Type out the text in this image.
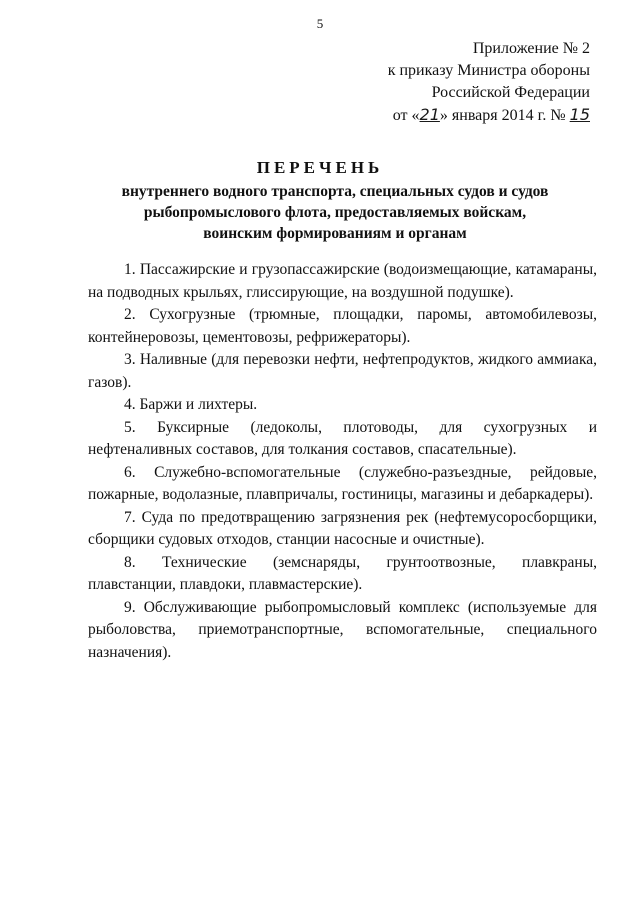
5
Приложение № 2
к приказу Министра обороны
Российской Федерации
от «21» января 2014 г. № 15
ПЕРЕЧЕНЬ
внутреннего водного транспорта, специальных судов и судов
рыбопромыслового флота, предоставляемых войскам,
воинским формированиям и органам

1. Пассажирские и грузопассажирские (водоизмещающие, катамараны, на подводных крыльях, глиссирующие, на воздушной подушке).

2. Сухогрузные (трюмные, площадки, паромы, автомобилевозы, контейнеровозы, цементовозы, рефрижераторы).

3. Наливные (для перевозки нефти, нефтепродуктов, жидкого аммиака, газов).

4. Баржи и лихтеры.

5. Буксирные (ледоколы, плотоводы, для сухогрузных и нефтеналивных составов, для толкания составов, спасательные).

6. Служебно-вспомогательные (служебно-разъездные, рейдовые, пожарные, водолазные, плавпричалы, гостиницы, магазины и дебаркадеры).

7. Суда по предотвращению загрязнения рек (нефтемусоросборщики, сборщики судовых отходов, станции насосные и очистные).

8. Технические (земснаряды, грунтоотвозные, плавкраны, плавстанции, плавдоки, плавмастерские).

9. Обслуживающие рыбопромысловый комплекс (используемые для рыболовства, приемотранспортные, вспомогательные, специального назначения).
